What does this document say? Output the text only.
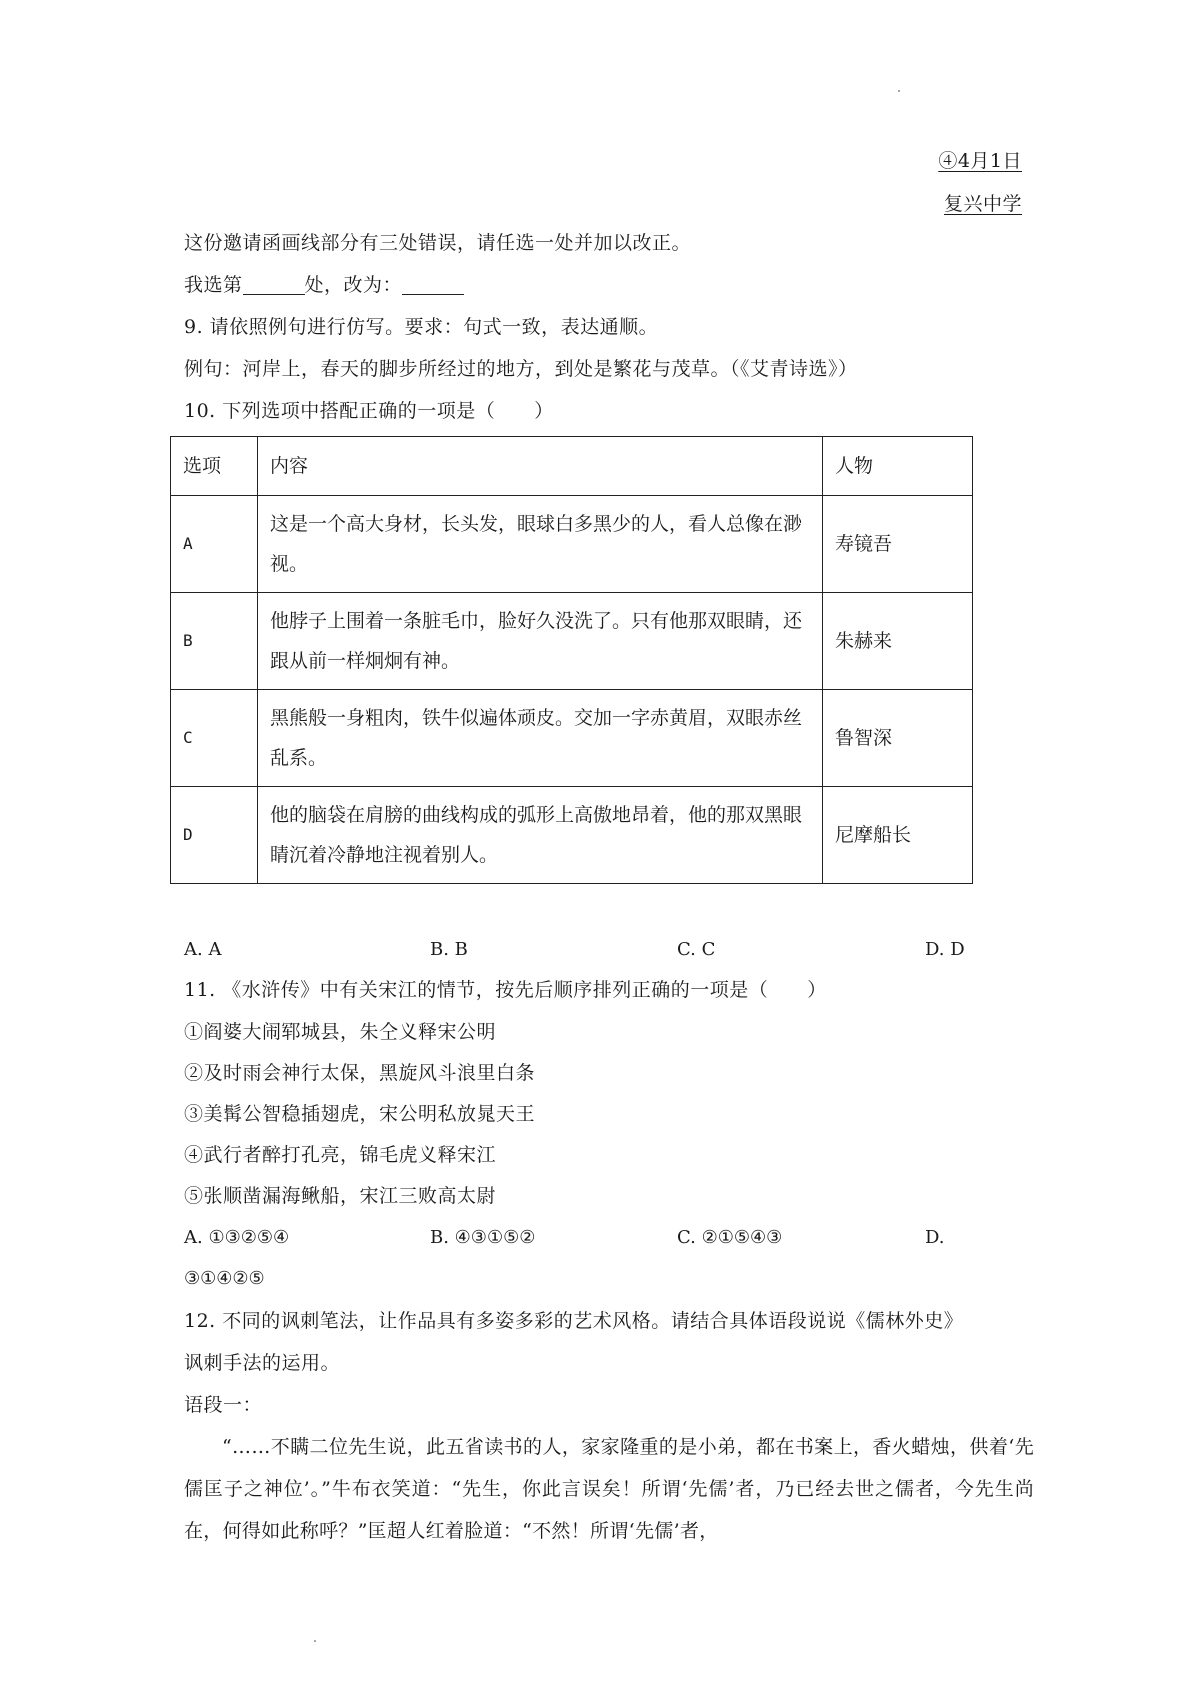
④4月1日
复兴中学
这份邀请函画线部分有三处错误，请任选一处并加以改正。
我选第	处，改为：
9. 请依照例句进行仿写。要求：句式一致，表达通顺。
例句：河岸上，春天的脚步所经过的地方，到处是繁花与茂草。（《艾青诗选》）
10. 下列选项中搭配正确的一项是（　　）
选项	内容	人物
A	这是一个高大身材，长头发，眼球白多黑少的人，看人总像在渺视。	寿镜吾
B	他脖子上围着一条脏毛巾，脸好久没洗了。只有他那双眼睛，还跟从前一样炯炯有神。	朱赫来
C	黑熊般一身粗肉，铁牛似遍体顽皮。交加一字赤黄眉，双眼赤丝乱系。	鲁智深
D	他的脑袋在肩膀的曲线构成的弧形上高傲地昂着，他的那双黑眼睛沉着冷静地注视着别人。	尼摩船长
A. A	B. B	C. C	D. D
11. 《水浒传》中有关宋江的情节，按先后顺序排列正确的一项是（　　）
①阎婆大闹郓城县，朱仝义释宋公明
②及时雨会神行太保，黑旋风斗浪里白条
③美髯公智稳插翅虎，宋公明私放晁天王
④武行者醉打孔亮，锦毛虎义释宋江
⑤张顺凿漏海鳅船，宋江三败高太尉
A. ①③②⑤④	B. ④③①⑤②	C. ②①⑤④③	D.
③①④②⑤
12. 不同的讽刺笔法，让作品具有多姿多彩的艺术风格。请结合具体语段说说《儒林外史》
讽刺手法的运用。
语段一：
“……不瞒二位先生说，此五省读书的人，家家隆重的是小弟，都在书案上，香火蜡烛，供着‘先儒匡子之神位’。”牛布衣笑道：“先生，你此言误矣！所谓‘先儒’者，乃已经去世之儒者，今先生尚在，何得如此称呼？”匡超人红着脸道：“不然！所谓‘先儒’者，
